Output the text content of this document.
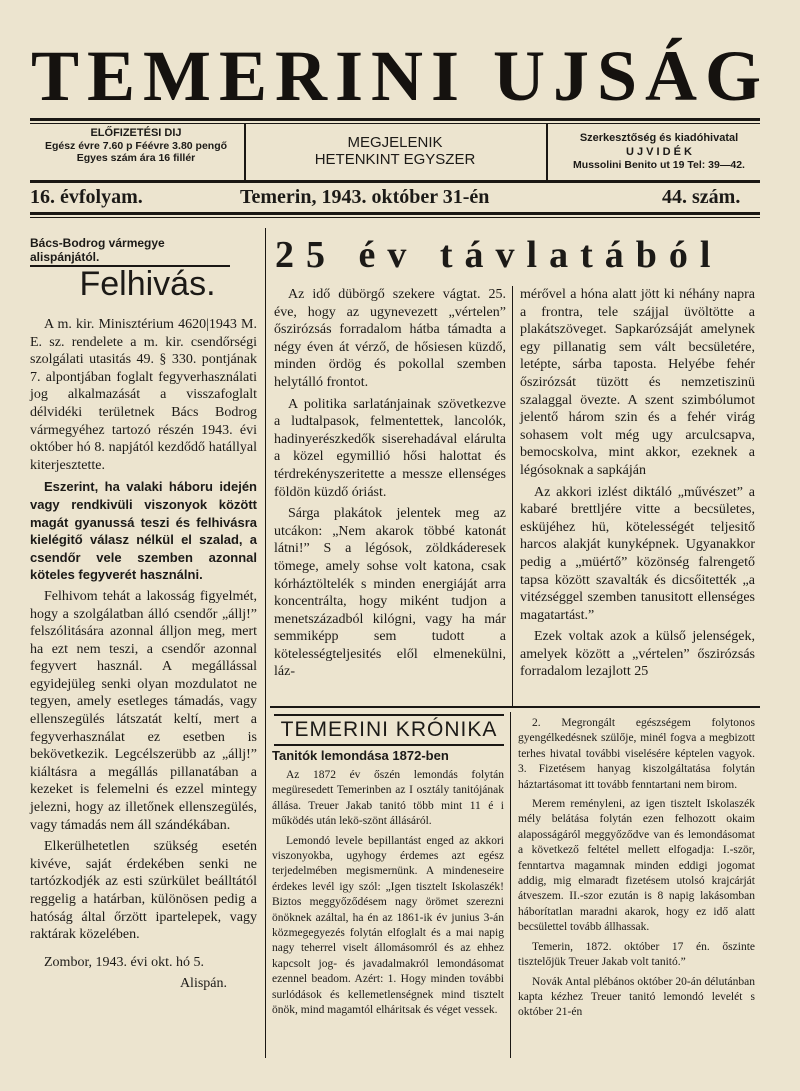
TEMERINI UJSÁG
ELŐFIZETÉSI DIJ
Egész évre 7.60 p Féévre 3.80 pengő
Egyes szám ára 16 fillér
MEGJELENIK
HETENKINT EGYSZER
Szerkesztőség és kiadóhivatal
U J V I D É K
Mussolini Benito ut 19 Tel: 39—42.
16. évfolyam.	Temerin, 1943. október 31-én	44. szám.
Bács-Bodrog vármegye alispánjától.
Felhivás.

A m. kir. Minisztérium 4620|1943 M. E. sz. rendelete a m. kir. csendőrségi szolgálati utasitás 49. § 330. pontjának 7. alpontjában foglalt fegyverhasználati jog alkalmazását a visszafoglalt délvidéki területnek Bács Bodrog vármegyéhez tartozó részén 1943. évi október hó 8. napjától kezdődő hatállyal kiterjesztette.

Eszerint, ha valaki háboru idején vagy rendkivüli viszonyok között magát gyanussá teszi és felhivásra kielégitő válasz nélkül el szalad, a csendőr vele szemben azonnal köteles fegyverét használni.

Felhivom tehát a lakosság figyelmét, hogy a szolgálatban álló csendőr „állj!” felszólitására azonnal álljon meg, mert ha ezt nem teszi, a csendőr azonnal fegyvert használ. A megállással egyidejüleg senki olyan mozdulatot ne tegyen, amely esetleges támadás, vagy ellenszegülés látszatát keltí, mert a fegyverhasználat ez esetben is bekövetkezik. Legcélszerübb az „állj!” kiáltásra a megállás pillanatában a kezeket is felemelni és ezzel mintegy jelezni, hogy az illetőnek ellenszegülés, vagy támadás nem áll szándékában.

Elkerülhetetlen szükség esetén kivéve, saját érdekében senki ne tartózkodjék az esti szürkület beálltától reggelig a határban, különösen pedig a hatóság által őrzött ipartelepek, vagy raktárak közelében.

Zombor, 1943. évi okt. hó 5.

Alispán.

25 év távlatából

Az idő dübörgő szekere vágtat. 25. éve, hogy az ugynevezett „vértelen” őszirózsás forradalom hátba támadta a négy éven át vérző, de hősiesen küzdő, minden ördög és pokollal szemben helytálló frontot.

A politika sarlatánjainak szövetkezve a ludtalpasok, felmentettek, lancolók, hadinyerészkedők siserehadával elárulta a közel egymillió hősi halottat és térdrekényszeritette a messze ellenséges földön küzdő óriást.

Sárga plakátok jelentek meg az utcákon: „Nem akarok többé katonát látni!” S a légósok, zöldkáderesek tömege, amely sohse volt katona, csak kórháztöltelék s minden energiáját arra koncentrálta, hogy miként tudjon a menetszázadból kilógni, vagy ha már semmiképp sem tudott a kötelességteljesités elől elmenekülni, láz-

mérővel a hóna alatt jött ki néhány napra a frontra, tele szájjal üvöltötte a plakátszöveget. Sapkarózsáját amelynek egy pillanatig sem vált becsületére, letépte, sárba taposta. Helyébe fehér őszirózsát tüzött és nemzetiszinü szalaggal övezte. A szent szimbólumot jelentő három szin és a fehér virág sohasem volt még ugy arculcsapva, bemocskolva, mint akkor, ezeknek a légósoknak a sapkáján

Az akkori izlést diktáló „művészet” a kabaré brettljére vitte a becsületes, esküjéhez hü, kötelességét teljesitő harcos alakját kunyképnek. Ugyanakkor pedig a „müértő” közönség falrengető tapsa között szavalták és dicsőitették „a vitézséggel szemben tanusitott ellenséges magatartást.”

Ezek voltak azok a külső jelenségek, amelyek között a „vértelen” őszirózsás forradalom lezajlott 25

TEMERINI KRÓNIKA
Tanitók lemondása 1872-ben

Az 1872 év őszén lemondás folytán megüresedett Temerinben az I osztály tanitójának állása. Treuer Jakab tanitó több mint 11 é i működés után lekö-szönt állásáról.

Lemondó levele bepillantást enged az akkori viszonyokba, ugyhogy érdemes azt egész terjedelmében megismernünk. A mindeneseire érdekes levél igy szól: „Igen tisztelt Iskolaszék! Biztos meggyőződésem nagy örömet szerezni önöknek azáltal, ha én az 1861-ik év junius 3-án közmegegyezés folytán elfoglalt és a mai napig nagy teherrel viselt állomásomról és az ehhez kapcsolt jog- és javadalmakról lemondásomat ezennel beadom. Azért: 1. Hogy minden további surlódások és kellemetlenségnek mind tisztelt önök, mind magamtól elháritsak és véget vessek.

2. Megrongált egészségem folytonos gyengélkedésnek szülője, minél fogva a megbizott terhes hivatal további viselésére képtelen vagyok. 3. Fizetésem hanyag kiszolgáltatása folytán háztartásomat itt tovább fenntartani nem birom.

Merem reményleni, az igen tisztelt Iskolaszék mély belátása folytán ezen felhozott okaim alaposságáról meggyőződve van és lemondásomat a következő feltétel mellett elfogadja: I.-ször, fenntartva magamnak minden eddigi jogomat addig, mig elmaradt fizetésem utolsó krajcárját átveszem. II.-szor ezután is 8 napig lakásomban háborítatlan maradni akarok, hogy ez idő alatt becsülettel tovább állhassak.

Temerin, 1872. október 17 én. őszinte tisztelőjük Treuer Jakab volt tanitó.”

Novák Antal plébános október 20-án délutánban kapta kézhez Treuer tanitó lemondó levelét s október 21-én
